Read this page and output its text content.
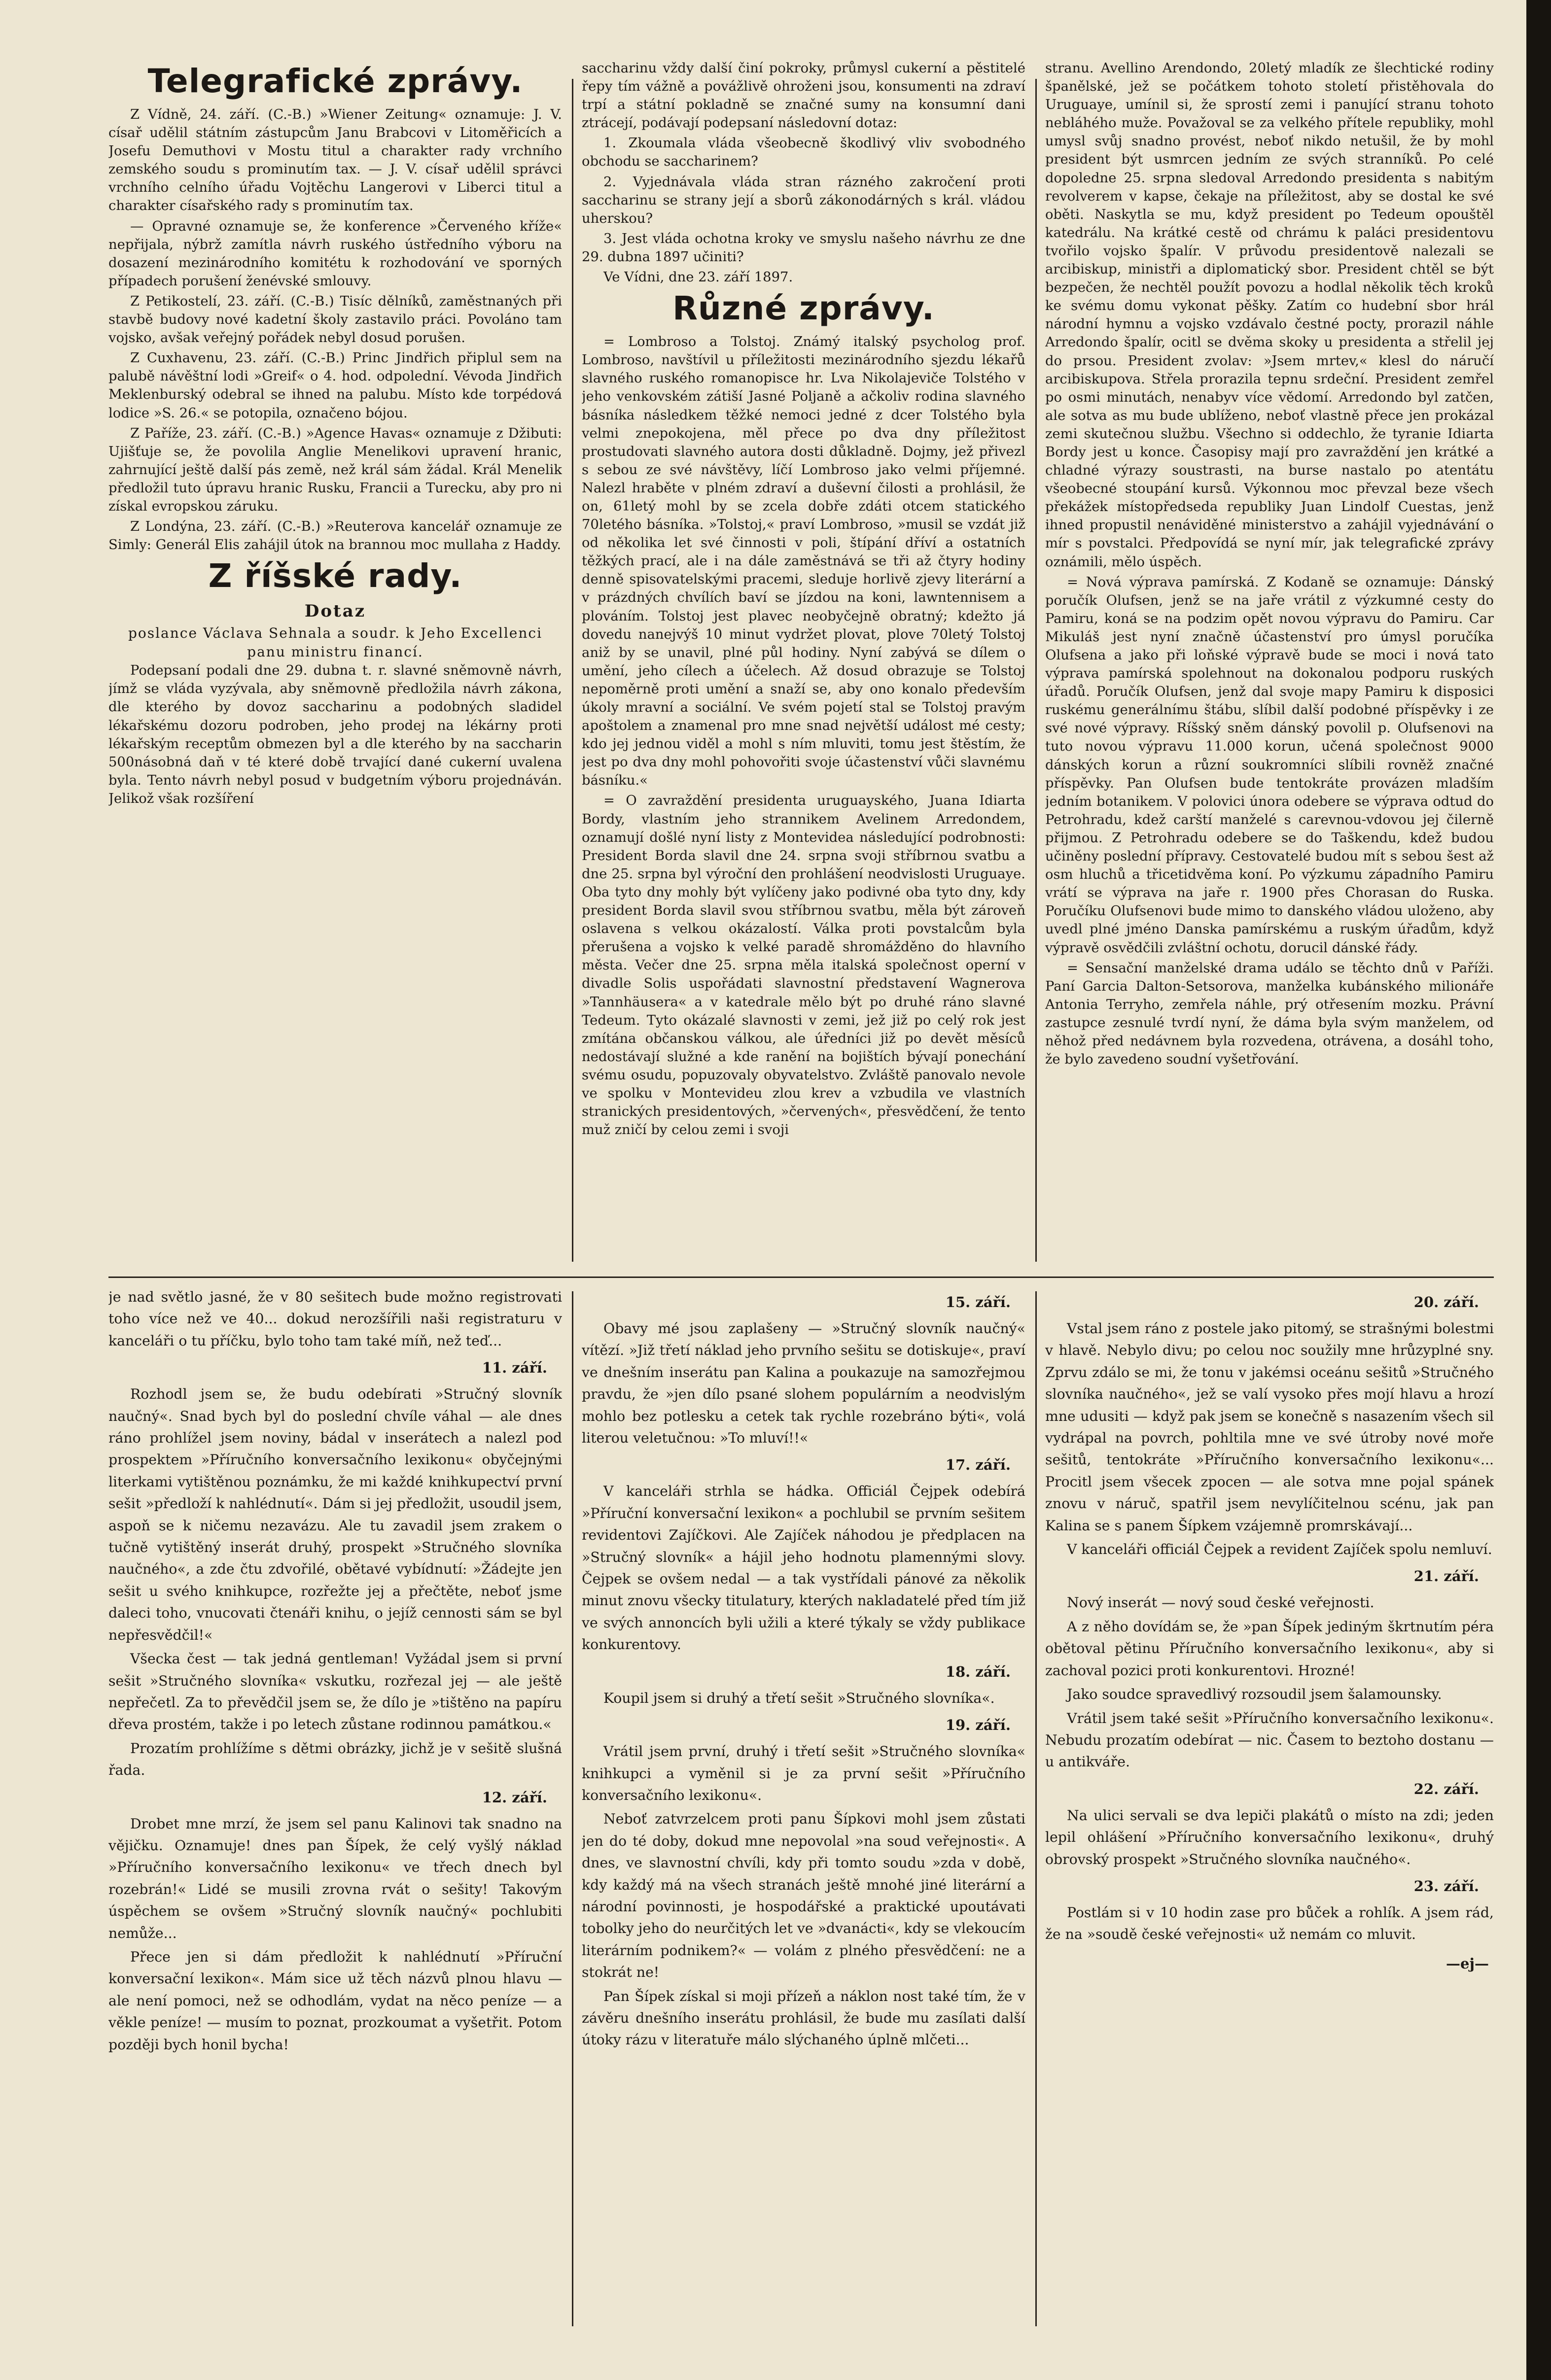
Telegrafické zprávy.
Z Vídně, 24. září. (C.-B.) »Wiener Zeitung« oznamuje: J. V. císař udělil státním zástupcům Janu Brabcovi v Litoměřicích a Josefu Demuthovi v Mostu titul a charakter rady vrchního zemského soudu s prominutím tax. — J. V. císař udělil správci vrchního celního úřadu Vojtěchu Langerovi v Liberci titul a charakter císařského rady s prominutím tax.
— Opravné oznamuje se, že konference »Červeného kříže« nepřijala, nýbrž zamítla návrh ruského ústředního výboru na dosazení mezinárodního komitétu k rozhodování ve sporných případech porušení ženévské smlouvy.
Z Petikostelí, 23. září. (C.-B.) Tisíc dělníků, zaměstnaných při stavbě budovy nové kadetní školy zastavilo práci. Povoláno tam vojsko, avšak veřejný pořádek nebyl dosud porušen.
Z Cuxhavenu, 23. září. (C.-B.) Princ Jindřich připlul sem na palubě návěštní lodi »Greif« o 4. hod. odpolední. Vévoda Jindřich Meklenburský odebral se ihned na palubu. Místo kde torpédová lodice »S. 26.« se potopila, označeno bójou.
Z Paříže, 23. září. (C.-B.) »Agence Havas« oznamuje z Džibuti: Ujišťuje se, že povolila Anglie Menelikovi upravení hranic, zahrnující ještě další pás země, než král sám žádal. Král Menelik předložil tuto úpravu hranic Rusku, Francii a Turecku, aby pro ni získal evropskou záruku.
Z Londýna, 23. září. (C.-B.) »Reuterova kancelář oznamuje ze Simly: Generál Elis zahájil útok na brannou moc mullaha z Haddy.
Z říšské rady.
Dotaz
poslance Václava Sehnala a soudr. k Jeho Excellenci panu ministru financí.
Podepsaní podali dne 29. dubna t. r. slavné sněmovně návrh, jímž se vláda vyzývala, aby sněmovně předložila návrh zákona, dle kterého by dovoz saccharinu a podobných sladidel lékařskému dozoru podroben, jeho prodej na lékárny proti lékařským receptům obmezen byl a dle kterého by na saccharin 500násobná daň v té které době trvající dané cukerní uvalena byla. Tento návrh nebyl posud v budgetním výboru projednáván. Jelikož však rozšíření
saccharinu vždy další činí pokroky, průmysl cukerní a pěstitelé řepy tím vážně a povážlivě ohroženi jsou, konsumenti na zdraví trpí a státní pokladně se značné sumy na konsumní dani ztrácejí, podávají podepsaní následovní dotaz:
1. Zkoumala vláda všeobecně škodlivý vliv svobodného obchodu se saccharinem?
2. Vyjednávala vláda stran rázného zakročení proti saccharinu se strany její a sborů zákonodárných s král. vládou uherskou?
3. Jest vláda ochotna kroky ve smyslu našeho návrhu ze dne 29. dubna 1897 učiniti?
Ve Vídni, dne 23. září 1897.
Různé zprávy.
= Lombroso a Tolstoj. Známý italský psycholog prof. Lombroso, navštívil u příležitosti mezinárodního sjezdu lékařů slavného ruského romanopisce hr. Lva Nikolajeviče Tolstého v jeho venkovském zátiší Jasné Poljaně a ačkoliv rodina slavného básníka následkem těžké nemoci jedné z dcer Tolstého byla velmi znepokojena, měl přece po dva dny příležitost prostudovati slavného autora dosti důkladně. Dojmy, jež přivezl s sebou ze své návštěvy, líčí Lombroso jako velmi příjemné. Nalezl hraběte v plném zdraví a duševní čilosti a prohlásil, že on, 61letý mohl by se zcela dobře zdáti otcem statického 70letého básníka. »Tolstoj,« praví Lombroso, »musil se vzdát již od několika let své činnosti v poli, štípání dříví a ostatních těžkých prací, ale i na dále zaměstnává se tři až čtyry hodiny denně spisovatelskými pracemi, sleduje horlivě zjevy literární a v prázdných chvílích baví se jízdou na koni, lawntennisem a plováním. Tolstoj jest plavec neobyčejně obratný; kdežto já dovedu nanejvýš 10 minut vydržet plovat, plove 70letý Tolstoj aniž by se unavil, plné půl hodiny. Nyní zabývá se dílem o umění, jeho cílech a účelech. Až dosud obrazuje se Tolstoj nepoměrně proti umění a snaží se, aby ono konalo především úkoly mravní a sociální. Ve svém pojetí stal se Tolstoj pravým apoštolem a znamenal pro mne snad největší událost mé cesty; kdo jej jednou viděl a mohl s ním mluviti, tomu jest štěstím, že jest po dva dny mohl pohovořiti svoje účastenství vůči slavnému básníku.«
= O zavraždění presidenta uruguayského, Juana Idiarta Bordy, vlastním jeho strannikem Avelinem Arredondem, oznamují došlé nyní listy z Montevidea následující podrobnosti: President Borda slavil dne 24. srpna svoji stříbrnou svatbu a dne 25. srpna byl výroční den prohlášení neodvislosti Uruguaye. Oba tyto dny mohly být vylíčeny jako podivné oba tyto dny, kdy president Borda slavil svou stříbrnou svatbu, měla být zároveň oslavena s velkou okázalostí. Válka proti povstalcům byla přerušena a vojsko k velké paradě shromážděno do hlavního města. Večer dne 25. srpna měla italská společnost operní v divadle Solis uspořádati slavnostní představení Wagnerova »Tannhäusera« a v katedrale mělo být po druhé ráno slavné Tedeum. Tyto okázalé slavnosti v zemi, jež již po celý rok jest zmítána občanskou válkou, ale úředníci již po devět měsíců nedostávají služné a kde ranění na bojištích bývají ponechání svému osudu, popuzovaly obyvatelstvo. Zvláště panovalo nevole ve spolku v Montevideu zlou krev a vzbudila ve vlastních stranických presidentových, »červených«, přesvědčení, že tento muž zničí by celou zemi i svoji
stranu. Avellino Arendondo, 20letý mladík ze šlechtické rodiny španělské, jež se počátkem tohoto století přistěhovala do Uruguaye, umínil si, že sprostí zemi i panující stranu tohoto nebláhého muže. Považoval se za velkého přítele republiky, mohl umysl svůj snadno provést, neboť nikdo netušil, že by mohl president být usmrcen jedním ze svých stranníků. Po celé dopoledne 25. srpna sledoval Arredondo presidenta s nabitým revolverem v kapse, čekaje na příležitost, aby se dostal ke své oběti. Naskytla se mu, když president po Tedeum opouštěl katedrálu. Na krátké cestě od chrámu k paláci presidentovu tvořilo vojsko špalír. V průvodu presidentově nalezali se arcibiskup, ministři a diplomatický sbor. President chtěl se být bezpečen, že nechtěl použít povozu a hodlal několik těch kroků ke svému domu vykonat pěšky. Zatím co hudební sbor hrál národní hymnu a vojsko vzdávalo čestné pocty, prorazil náhle Arredondo špalír, ocitl se dvěma skoky u presidenta a střelil jej do prsou. President zvolav: »Jsem mrtev,« klesl do náručí arcibiskupova. Střela prorazila tepnu srdeční. President zemřel po osmi minutách, nenabyv více vědomí. Arredondo byl zatčen, ale sotva as mu bude ublíženo, neboť vlastně přece jen prokázal zemi skutečnou službu. Všechno si oddechlo, že tyranie Idiarta Bordy jest u konce. Časopisy mají pro zavraždění jen krátké a chladné výrazy soustrasti, na burse nastalo po atentátu všeobecné stoupání kursů. Výkonnou moc převzal beze všech překážek místopředseda republiky Juan Lindolf Cuestas, jenž ihned propustil nenáviděné ministerstvo a zahájil vyjednávání o mír s povstalci. Předpovídá se nyní mír, jak telegrafické zprávy oznámili, mělo úspěch.
= Nová výprava pamírská. Z Kodaně se oznamuje: Dánský poručík Olufsen, jenž se na jaře vrátil z výzkumné cesty do Pamiru, koná se na podzim opět novou výpravu do Pamiru. Car Mikuláš jest nyní značně účastenství pro úmysl poručíka Olufsena a jako při loňské výpravě bude se moci i nová tato výprava pamírská spolehnout na dokonalou podporu ruských úřadů. Poručík Olufsen, jenž dal svoje mapy Pamiru k disposici ruskému generálnímu štábu, slíbil další podobné příspěvky i ze své nové výpravy. Ríšský sněm dánský povolil p. Olufsenovi na tuto novou výpravu 11.000 korun, učená společnost 9000 dánských korun a různí soukromníci slíbili rovněž značné příspěvky. Pan Olufsen bude tentokráte provázen mladším jedním botanikem. V polovici února odebere se výprava odtud do Petrohradu, kdež carští manželé s carevnou-vdovou jej čilerně přijmou. Z Petrohradu odebere se do Taškendu, kdež budou učiněny poslední přípravy. Cestovatelé budou mít s sebou šest až osm hluchů a třicetidvěma koní. Po výzkumu západního Pamiru vrátí se výprava na jaře r. 1900 přes Chorasan do Ruska. Poručíku Olufsenovi bude mimo to danského vládou uloženo, aby uvedl plné jméno Danska pamírskému a ruským úřadům, když výpravě osvědčili zvláštní ochotu, dorucil dánské řády.
= Sensační manželské drama událo se těchto dnů v Paříži. Paní Garcia Dalton-Setsorova, manželka kubánského milionáře Antonia Terryho, zemřela náhle, prý otřesením mozku. Právní zastupce zesnulé tvrdí nyní, že dáma byla svým manželem, od něhož před nedávnem byla rozvedena, otrávena, a dosáhl toho, že bylo zavedeno soudní vyšetřování.
je nad světlo jasné, že v 80 sešitech bude možno registrovati toho více než ve 40... dokud nerozšířili naši registraturu v kanceláři o tu příčku, bylo toho tam také míň, než teď...
11. září.
Rozhodl jsem se, že budu odebírati »Stručný slovník naučný«. Snad bych byl do poslední chvíle váhal — ale dnes ráno prohlížel jsem noviny, bádal v inserátech a nalezl pod prospektem »Příručního konversačního lexikonu« obyčejnými literkami vytištěnou poznámku, že mi každé knihkupectví první sešit »předloží k nahlédnutí«. Dám si jej předložit, usoudil jsem, aspoň se k ničemu nezavázu. Ale tu zavadil jsem zrakem o tučně vytištěný inserát druhý, prospekt »Stručného slovníka naučného«, a zde čtu zdvořilé, obětavé vybídnutí: »Žádejte jen sešit u svého knihkupce, rozřežte jej a přečtěte, neboť jsme daleci toho, vnucovati čtenáři knihu, o jejíž cennosti sám se byl nepřesvědčil!«
Všecka čest — tak jedná gentleman! Vyžádal jsem si první sešit »Stručného slovníka« vskutku, rozřezal jej — ale ještě nepřečetl. Za to převědčil jsem se, že dílo je »tištěno na papíru dřeva prostém, takže i po letech zůstane rodinnou památkou.«
Prozatím prohlížíme s dětmi obrázky, jichž je v sešitě slušná řada.
12. září.
Drobet mne mrzí, že jsem sel panu Kalinovi tak snadno na vějičku. Oznamuje! dnes pan Šípek, že celý vyšlý náklad »Příručního konversačního lexikonu« ve třech dnech byl rozebrán!« Lidé se musili zrovna rvát o sešity! Takovým úspěchem se ovšem »Stručný slovník naučný« pochlubiti nemůže...
Přece jen si dám předložit k nahlédnutí »Příruční konversační lexikon«. Mám sice už těch názvů plnou hlavu — ale není pomoci, než se odhodlám, vydat na něco peníze — a věkle peníze! — musím to poznat, prozkoumat a vyšetřit. Potom později bych honil bycha!
15. září.
Obavy mé jsou zaplašeny — »Stručný slovník naučný« vítězí. »Již třetí náklad jeho prvního sešitu se dotiskuje«, praví ve dnešním inserátu pan Kalina a poukazuje na samozřejmou pravdu, že »jen dílo psané slohem populárním a neodvislým mohlo bez potlesku a cetek tak rychle rozebráno býti«, volá literou veletučnou: »To mluví!!«
17. září.
V kanceláři strhla se hádka. Officiál Čejpek odebírá »Příruční konversační lexikon« a pochlubil se prvním sešitem revidentovi Zajíčkovi. Ale Zajíček náhodou je předplacen na »Stručný slovník« a hájil jeho hodnotu plamennými slovy. Čejpek se ovšem nedal — a tak vystřídali pánové za několik minut znovu všecky titulatury, kterých nakladatelé před tím již ve svých annoncích byli užili a které týkaly se vždy publikace konkurentovy.
18. září.
Koupil jsem si druhý a třetí sešit »Stručného slovníka«.
19. září.
Vrátil jsem první, druhý i třetí sešit »Stručného slovníka« knihkupci a vyměnil si je za první sešit »Příručního konversačního lexikonu«.
Neboť zatvrzelcem proti panu Šípkovi mohl jsem zůstati jen do té doby, dokud mne nepovolal »na soud veřejnosti«. A dnes, ve slavnostní chvíli, kdy při tomto soudu »zda v době, kdy každý má na všech stranách ještě mnohé jiné literární a národní povinnosti, je hospodářské a praktické upoutávati tobolky jeho do neurčitých let ve »dvanácti«, kdy se vlekoucím literárním podnikem?« — volám z plného přesvědčení: ne a stokrát ne!
Pan Šípek získal si moji přízeň a náklon nost také tím, že v závěru dnešního inserátu prohlásil, že bude mu zasílati další útoky rázu v literatuře málo slýchaného úplně mlčeti...
20. září.
Vstal jsem ráno z postele jako pitomý, se strašnými bolestmi v hlavě. Nebylo divu; po celou noc soužily mne hrůzyplné sny. Zprvu zdálo se mi, že tonu v jakémsi oceánu sešitů »Stručného slovníka naučného«, jež se valí vysoko přes mojí hlavu a hrozí mne udusiti — když pak jsem se konečně s nasazením všech sil vydrápal na povrch, pohltila mne ve své útroby nové moře sešitů, tentokráte »Příručního konversačního lexikonu«... Procitl jsem všecek zpocen — ale sotva mne pojal spánek znovu v náruč, spatřil jsem nevylíčitelnou scénu, jak pan Kalina se s panem Šípkem vzájemně promrskávají...
V kanceláři officiál Čejpek a revident Zajíček spolu nemluví.
21. září.
Nový inserát — nový soud české veřejnosti.
A z něho dovídám se, že »pan Šípek jediným škrtnutím péra obětoval pětinu Příručního konversačního lexikonu«, aby si zachoval pozici proti konkurentovi. Hrozné!
Jako soudce spravedlivý rozsoudil jsem šalamounsky.
Vrátil jsem také sešit »Příručního konversačního lexikonu«. Nebudu prozatím odebírat — nic. Časem to beztoho dostanu — u antikváře.
22. září.
Na ulici servali se dva lepiči plakátů o místo na zdi; jeden lepil ohlášení »Příručního konversačního lexikonu«, druhý obrovský prospekt »Stručného slovníka naučného«.
23. září.
Postlám si v 10 hodin zase pro bůček a rohlík. A jsem rád, že na »soudě české veřejnosti« už nemám co mluvit.
—ej—
